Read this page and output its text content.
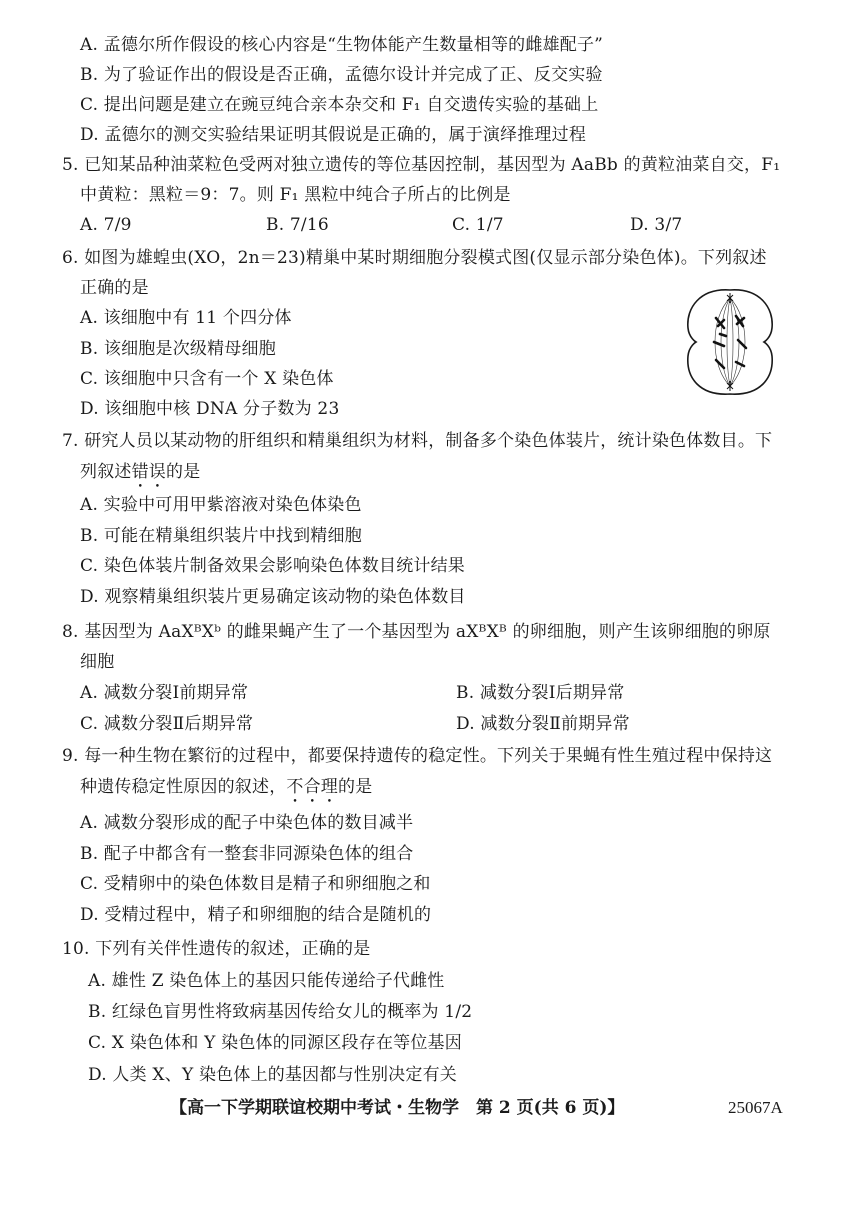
A. 孟德尔所作假设的核心内容是“生物体能产生数量相等的雌雄配子”
B. 为了验证作出的假设是否正确，孟德尔设计并完成了正、反交实验
C. 提出问题是建立在豌豆纯合亲本杂交和 F₁ 自交遗传实验的基础上
D. 孟德尔的测交实验结果证明其假说是正确的，属于演绎推理过程
5. 已知某品种油菜粒色受两对独立遗传的等位基因控制，基因型为 AaBb 的黄粒油菜自交，F₁
中黄粒：黑粒＝9：7。则 F₁ 黑粒中纯合子所占的比例是
A. 7/9	B. 7/16	C. 1/7	D. 3/7
6. 如图为雄蝗虫(XO，2n＝23)精巢中某时期细胞分裂模式图(仅显示部分染色体)。下列叙述
正确的是
A. 该细胞中有 11 个四分体
B. 该细胞是次级精母细胞
C. 该细胞中只含有一个 X 染色体
D. 该细胞中核 DNA 分子数为 23
7. 研究人员以某动物的肝组织和精巢组织为材料，制备多个染色体装片，统计染色体数目。下
列叙述错误的是
A. 实验中可用甲紫溶液对染色体染色
B. 可能在精巢组织装片中找到精细胞
C. 染色体装片制备效果会影响染色体数目统计结果
D. 观察精巢组织装片更易确定该动物的染色体数目
8. 基因型为 AaXᴮXᵇ 的雌果蝇产生了一个基因型为 aXᴮXᴮ 的卵细胞，则产生该卵细胞的卵原
细胞
A. 减数分裂Ⅰ前期异常	B. 减数分裂Ⅰ后期异常
C. 减数分裂Ⅱ后期异常	D. 减数分裂Ⅱ前期异常
9. 每一种生物在繁衍的过程中，都要保持遗传的稳定性。下列关于果蝇有性生殖过程中保持这
种遗传稳定性原因的叙述，不合理的是
A. 减数分裂形成的配子中染色体的数目减半
B. 配子中都含有一整套非同源染色体的组合
C. 受精卵中的染色体数目是精子和卵细胞之和
D. 受精过程中，精子和卵细胞的结合是随机的
10. 下列有关伴性遗传的叙述，正确的是
A. 雄性 Z 染色体上的基因只能传递给子代雌性
B. 红绿色盲男性将致病基因传给女儿的概率为 1/2
C. X 染色体和 Y 染色体的同源区段存在等位基因
D. 人类 X、Y 染色体上的基因都与性别决定有关
【高一下学期联谊校期中考试・生物学　第 2 页(共 6 页)】	25067A
